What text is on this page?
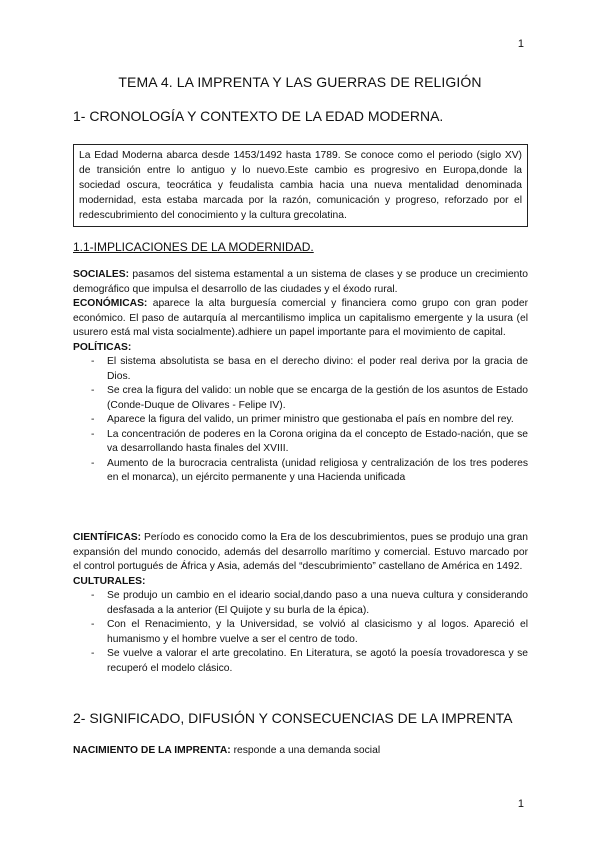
1
TEMA 4. LA IMPRENTA Y LAS GUERRAS DE RELIGIÓN
1- CRONOLOGÍA Y CONTEXTO DE LA EDAD MODERNA.
La Edad Moderna abarca desde 1453/1492 hasta 1789. Se conoce como el periodo (siglo XV) de transición entre lo antiguo y lo nuevo.Este cambio es progresivo en Europa,donde la sociedad oscura, teocrática y feudalista cambia hacia una nueva mentalidad denominada modernidad, esta estaba marcada por la razón, comunicación y progreso, reforzado por el redescubrimiento del conocimiento y la cultura grecolatina.
1.1-IMPLICACIONES DE LA MODERNIDAD.
SOCIALES: pasamos del sistema estamental a un sistema de clases y se produce un crecimiento demográfico que impulsa el desarrollo de las ciudades y el éxodo rural.
ECONÓMICAS: aparece la alta burguesía comercial y financiera como grupo con gran poder económico. El paso de autarquía al mercantilismo implica un capitalismo emergente y la usura (el usurero está mal vista socialmente).adhiere un papel importante para el movimiento de capital.
POLÍTICAS:
- El sistema absolutista se basa en el derecho divino: el poder real deriva por la gracia de Dios.
- Se crea la figura del valido: un noble que se encarga de la gestión de los asuntos de Estado (Conde-Duque de Olivares - Felipe IV).
- Aparece la figura del valido, un primer ministro que gestionaba el país en nombre del rey.
- La concentración de poderes en la Corona origina da el concepto de Estado-nación, que se va desarrollando hasta finales del XVIII.
- Aumento de la burocracia centralista (unidad religiosa y centralización de los tres poderes en el monarca), un ejército permanente y una Hacienda unificada
CIENTÍFICAS: Período es conocido como la Era de los descubrimientos, pues se produjo una gran expansión del mundo conocido, además del desarrollo marítimo y comercial. Estuvo marcado por el control portugués de África y Asia, además del “descubrimiento” castellano de América en 1492.
CULTURALES:
- Se produjo un cambio en el ideario social,dando paso a una nueva cultura y considerando desfasada a la anterior (El Quijote y su burla de la épica).
- Con el Renacimiento, y la Universidad, se volvió al clasicismo y al logos. Apareció el humanismo y el hombre vuelve a ser el centro de todo.
- Se vuelve a valorar el arte grecolatino. En Literatura, se agotó la poesía trovadoresca y se recuperó el modelo clásico.
2- SIGNIFICADO, DIFUSIÓN Y CONSECUENCIAS DE LA IMPRENTA
NACIMIENTO DE LA IMPRENTA: responde a una demanda social
1
